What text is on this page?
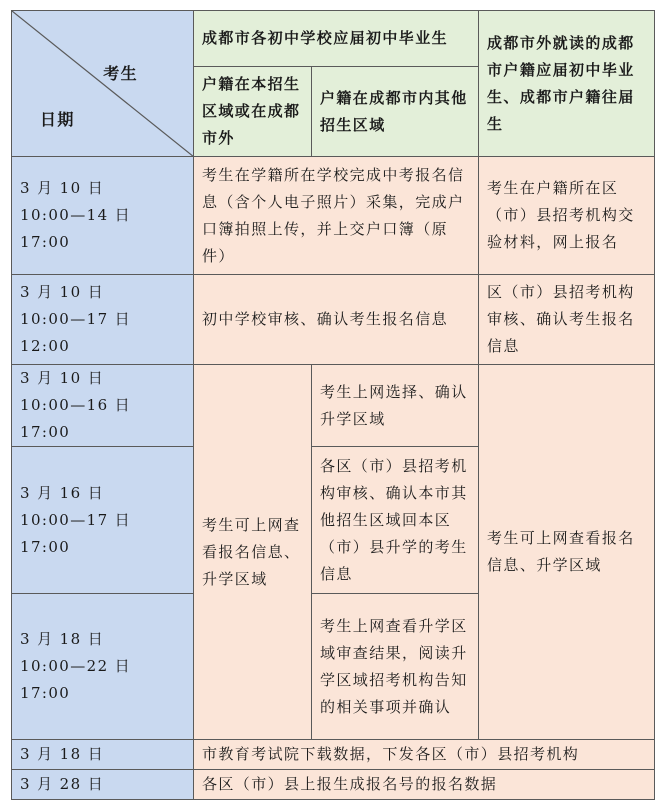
考生
日期	成都市各初中学校应届初中毕业生		成都市外就读的成都市户籍应届初中毕业生、成都市户籍往届生
	户籍在本招生区域或在成都市外	户籍在成都市内其他招生区域	

3 月 10 日
10:00—14 日 17:00	考生在学籍所在学校完成中考报名信息（含个人电子照片）采集，完成户口簿拍照上传，并上交户口簿（原件）		考生在户籍所在区（市）县招考机构交验材料，网上报名

3 月 10 日
10:00—17 日 12:00	初中学校审核、确认考生报名信息		区（市）县招考机构审核、确认考生报名信息

3 月 10 日
10:00—16 日 17:00	考生可上网查看报名信息、升学区域	考生上网选择、确认升学区域	考生可上网查看报名信息、升学区域

3 月 16 日
10:00—17 日 17:00		各区（市）县招考机构审核、确认本市其他招生区域回本区（市）县升学的考生信息	

3 月 18 日
10:00—22 日 17:00		考生上网查看升学区域审查结果，阅读升学区域招考机构告知的相关事项并确认	
3 月 18 日	市教育考试院下载数据，下发各区（市）县招考机构		
3 月 28 日	各区（市）县上报生成报名号的报名数据		
